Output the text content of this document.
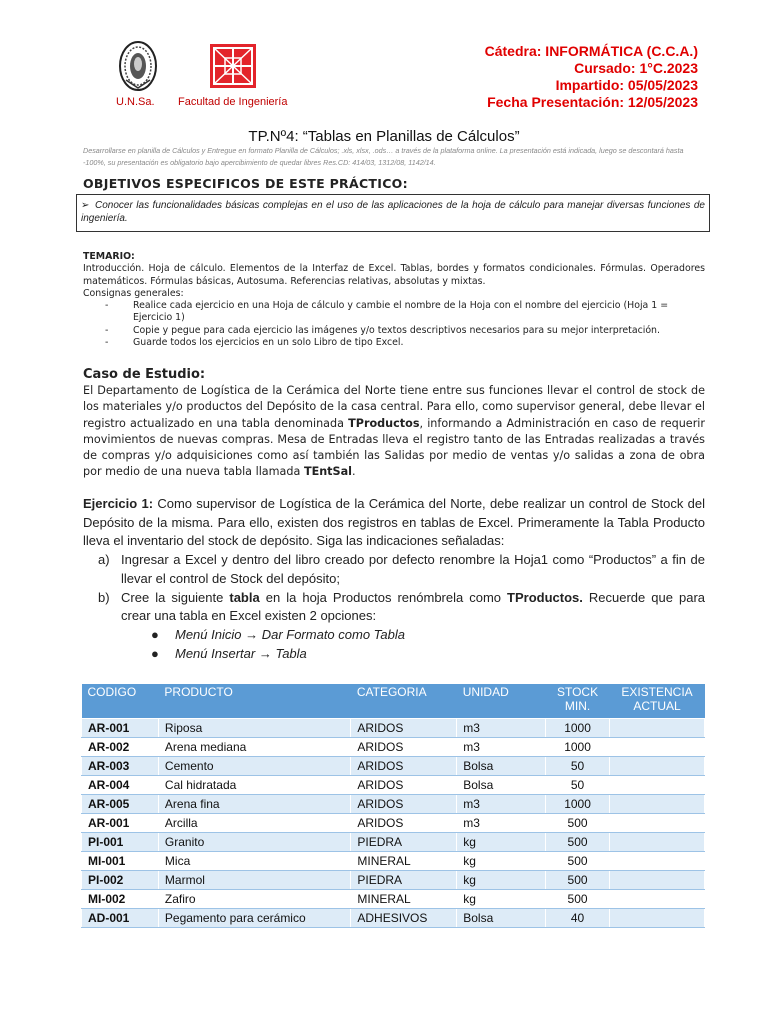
U.N.Sa. Facultad de Ingeniería
Cátedra: INFORMÁTICA (C.C.A.)
Cursado: 1°C.2023
Impartido: 05/05/2023
Fecha Presentación: 12/05/2023
TP.Nº4: “Tablas en Planillas de Cálculos”
Desarrollarse en planilla de Cálculos y Entregue en formato Planilla de Cálculos; .xls, xlsx, .ods… a través de la plataforma online. La presentación está indicada, luego se descontará hasta -100%, su presentación es obligatorio bajo apercibimiento de quedar libres Res.CD: 414/03, 1312/08, 1142/14.
OBJETIVOS ESPECIFICOS DE ESTE PRÁCTICO:
➢ Conocer las funcionalidades básicas complejas en el uso de las aplicaciones de la hoja de cálculo para manejar diversas funciones de ingeniería.
TEMARIO:
Introducción. Hoja de cálculo. Elementos de la Interfaz de Excel. Tablas, bordes y formatos condicionales. Fórmulas. Operadores matemáticos. Fórmulas básicas, Autosuma. Referencias relativas, absolutas y mixtas.
Consignas generales:
-	Realice cada ejercicio en una Hoja de cálculo y cambie el nombre de la Hoja con el nombre del ejercicio (Hoja 1 = Ejercicio 1)
-	Copie y pegue para cada ejercicio las imágenes y/o textos descriptivos necesarios para su mejor interpretación.
-	Guarde todos los ejercicios en un solo Libro de tipo Excel.
Caso de Estudio:
El Departamento de Logística de la Cerámica del Norte tiene entre sus funciones llevar el control de stock de los materiales y/o productos del Depósito de la casa central. Para ello, como supervisor general, debe llevar el registro actualizado en una tabla denominada TProductos, informando a Administración en caso de requerir movimientos de nuevas compras. Mesa de Entradas lleva el registro tanto de las Entradas realizadas a través de compras y/o adquisiciones como así también las Salidas por medio de ventas y/o salidas a zona de obra por medio de una nueva tabla llamada TEntSal.
Ejercicio 1: Como supervisor de Logística de la Cerámica del Norte, debe realizar un control de Stock del Depósito de la misma. Para ello, existen dos registros en tablas de Excel. Primeramente la Tabla Producto lleva el inventario del stock de depósito. Siga las indicaciones señaladas:
a) Ingresar a Excel y dentro del libro creado por defecto renombre la Hoja1 como “Productos” a fin de llevar el control de Stock del depósito;
b) Cree la siguiente tabla en la hoja Productos renómbrela como TProductos. Recuerde que para crear una tabla en Excel existen 2 opciones:
● Menú Inicio → Dar Formato como Tabla
● Menú Insertar → Tabla
CODIGO	PRODUCTO	CATEGORIA	UNIDAD	STOCK MIN.	EXISTENCIA ACTUAL
AR-001	Riposa	ARIDOS	m3	1000	
AR-002	Arena mediana	ARIDOS	m3	1000	
AR-003	Cemento	ARIDOS	Bolsa	50	
AR-004	Cal hidratada	ARIDOS	Bolsa	50	
AR-005	Arena fina	ARIDOS	m3	1000	
AR-001	Arcilla	ARIDOS	m3	500	
PI-001	Granito	PIEDRA	kg	500	
MI-001	Mica	MINERAL	kg	500	
PI-002	Marmol	PIEDRA	kg	500	
MI-002	Zafiro	MINERAL	kg	500	
AD-001	Pegamento para cerámico	ADHESIVOS	Bolsa	40	
